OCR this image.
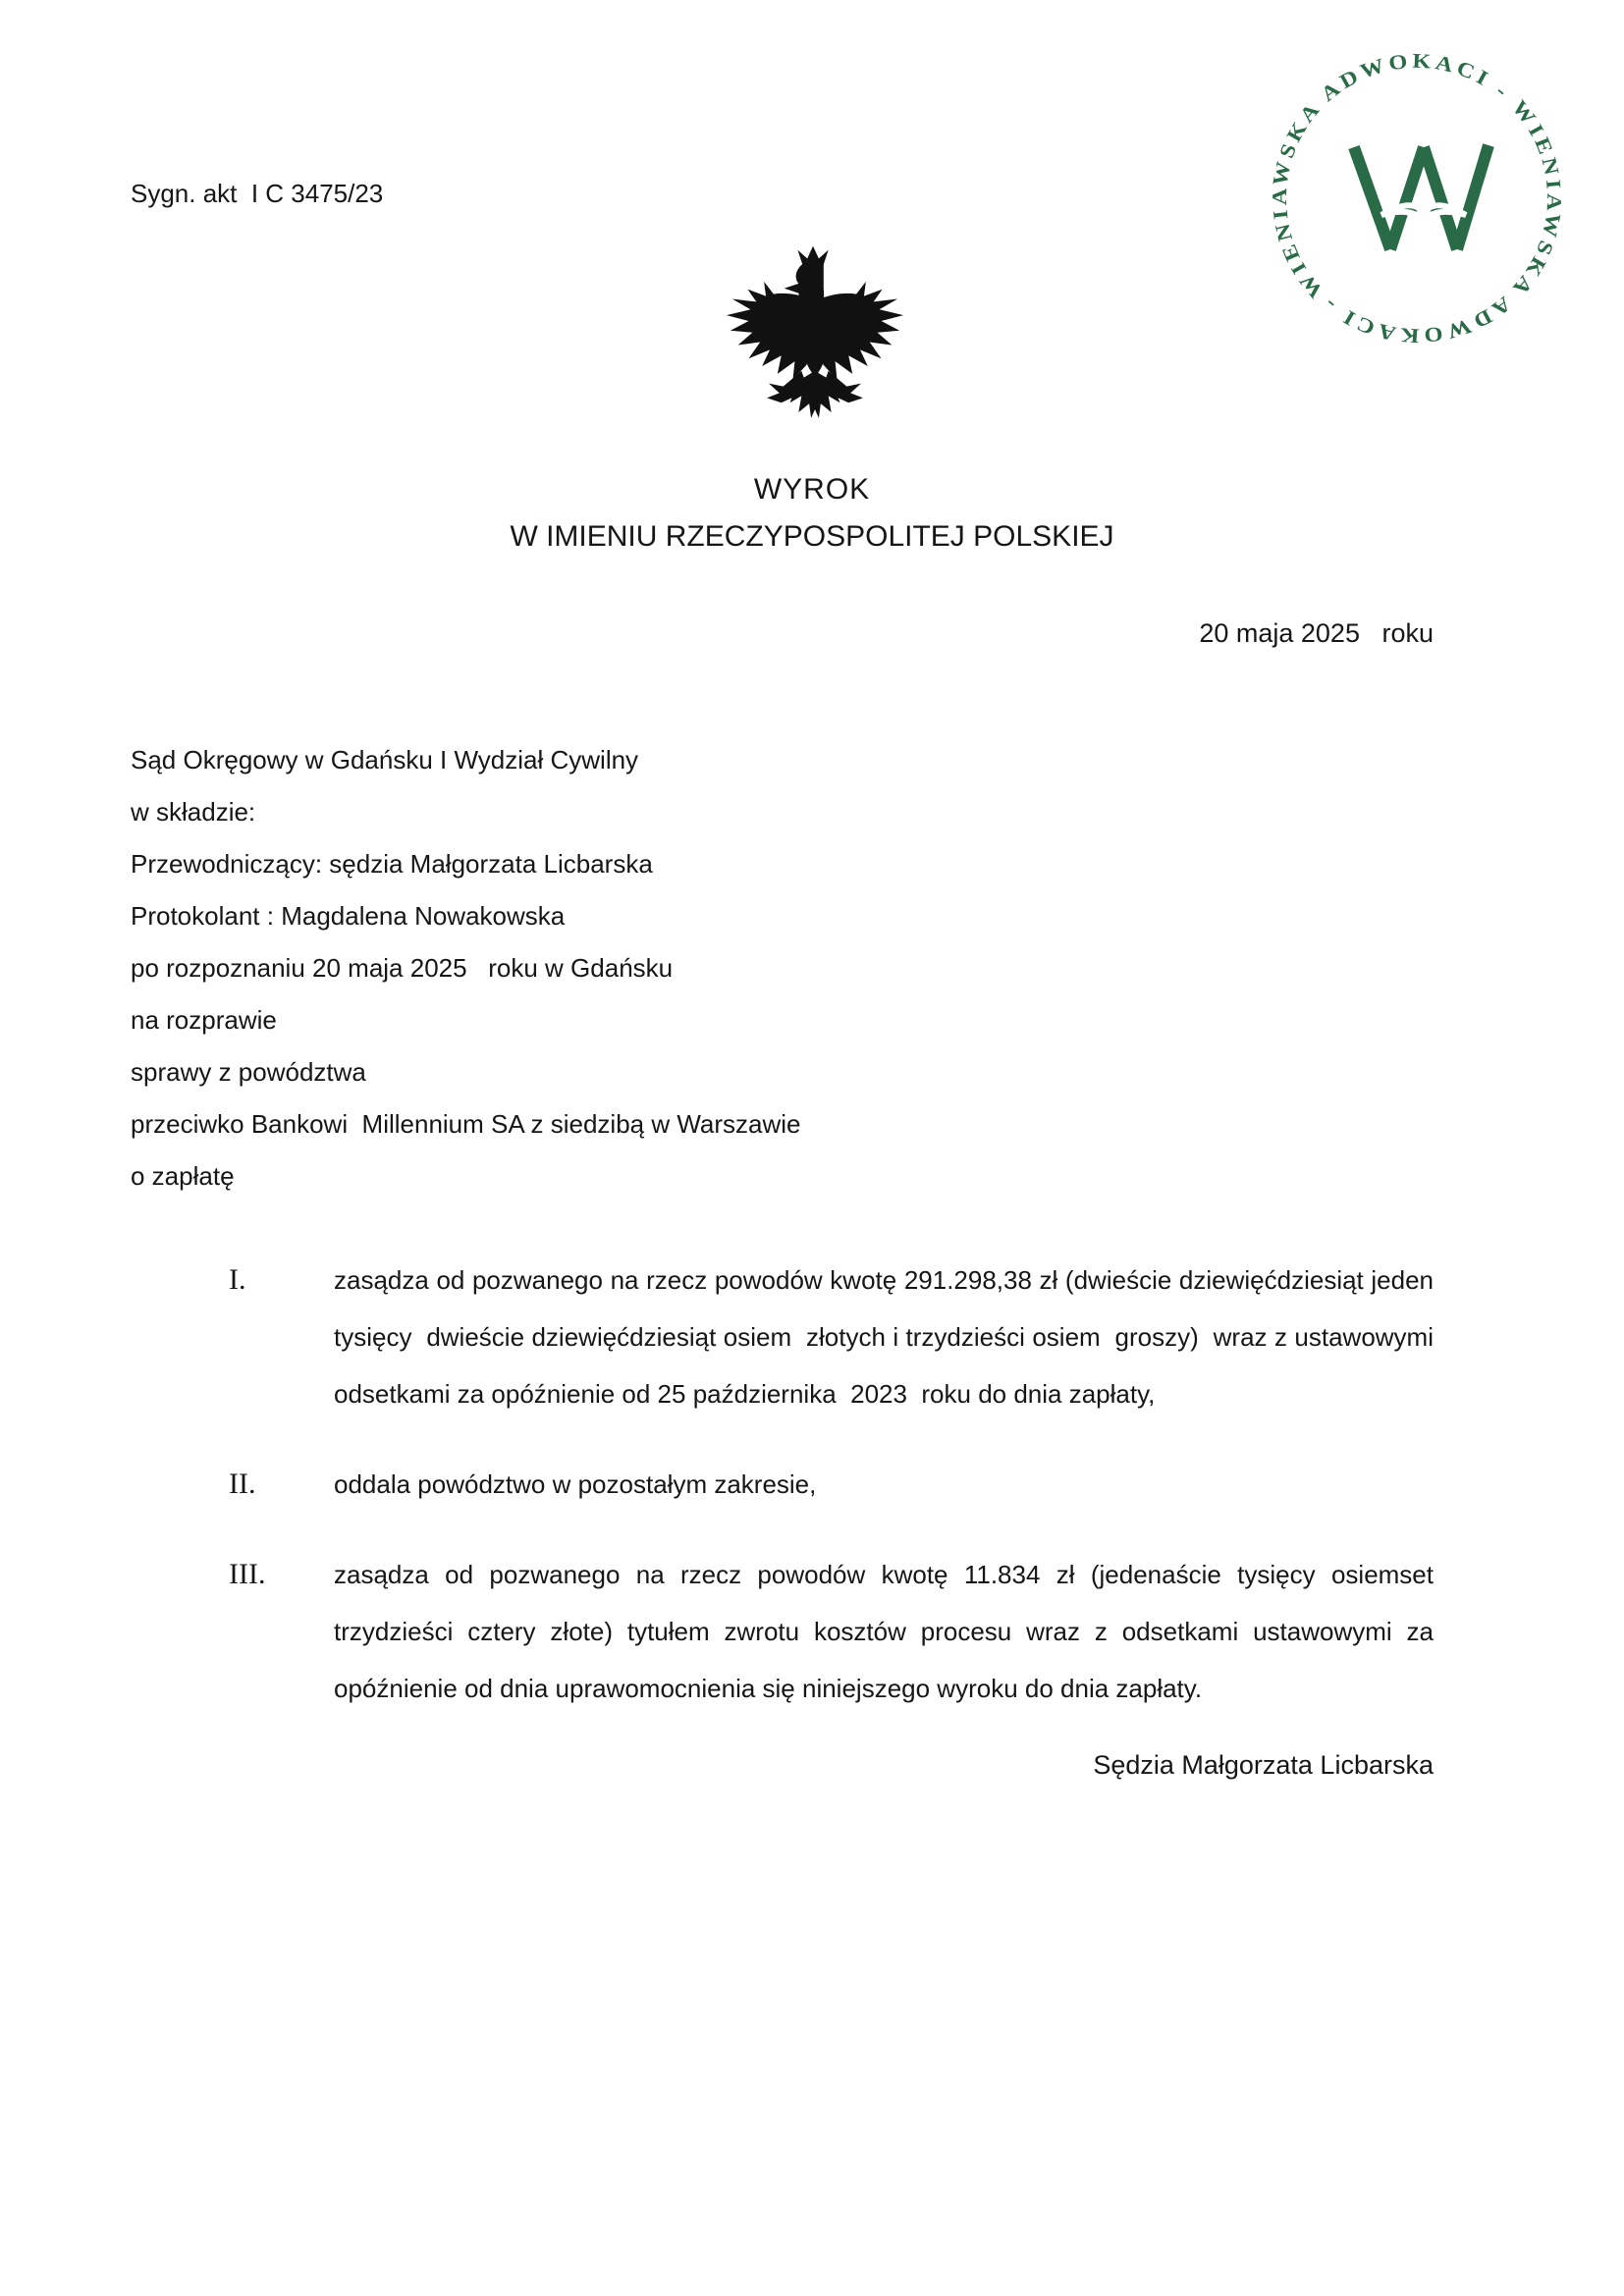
Sygn. akt  I C 3475/23
WIENIAWSKA ADWOKACI - WIENIAWSKA ADWOKACI -
WYROK
W IMIENIU RZECZYPOSPOLITEJ POLSKIEJ
20 maja 2025   roku
Sąd Okręgowy w Gdańsku I Wydział Cywilny
w składzie:
Przewodniczący: sędzia Małgorzata Licbarska
Protokolant : Magdalena Nowakowska
po rozpoznaniu 20 maja 2025   roku w Gdańsku
na rozprawie
sprawy z powództwa
przeciwko Bankowi  Millennium SA z siedzibą w Warszawie
o zapłatę
I.	zasądza od pozwanego na rzecz powodów kwotę 291.298,38 zł (dwieście dziewięćdziesiąt jeden   tysięcy  dwieście dziewięćdziesiąt osiem  złotych i trzydzieści osiem  groszy)  wraz z ustawowymi odsetkami za opóźnienie od 25 października  2023  roku do dnia zapłaty,
II.	oddala powództwo w pozostałym zakresie,
III.	zasądza od pozwanego na rzecz powodów kwotę 11.834 zł (jedenaście tysięcy osiemset trzydzieści cztery złote) tytułem zwrotu kosztów procesu wraz z odsetkami ustawowymi za opóźnienie od dnia uprawomocnienia się niniejszego wyroku do dnia zapłaty.
Sędzia Małgorzata Licbarska
